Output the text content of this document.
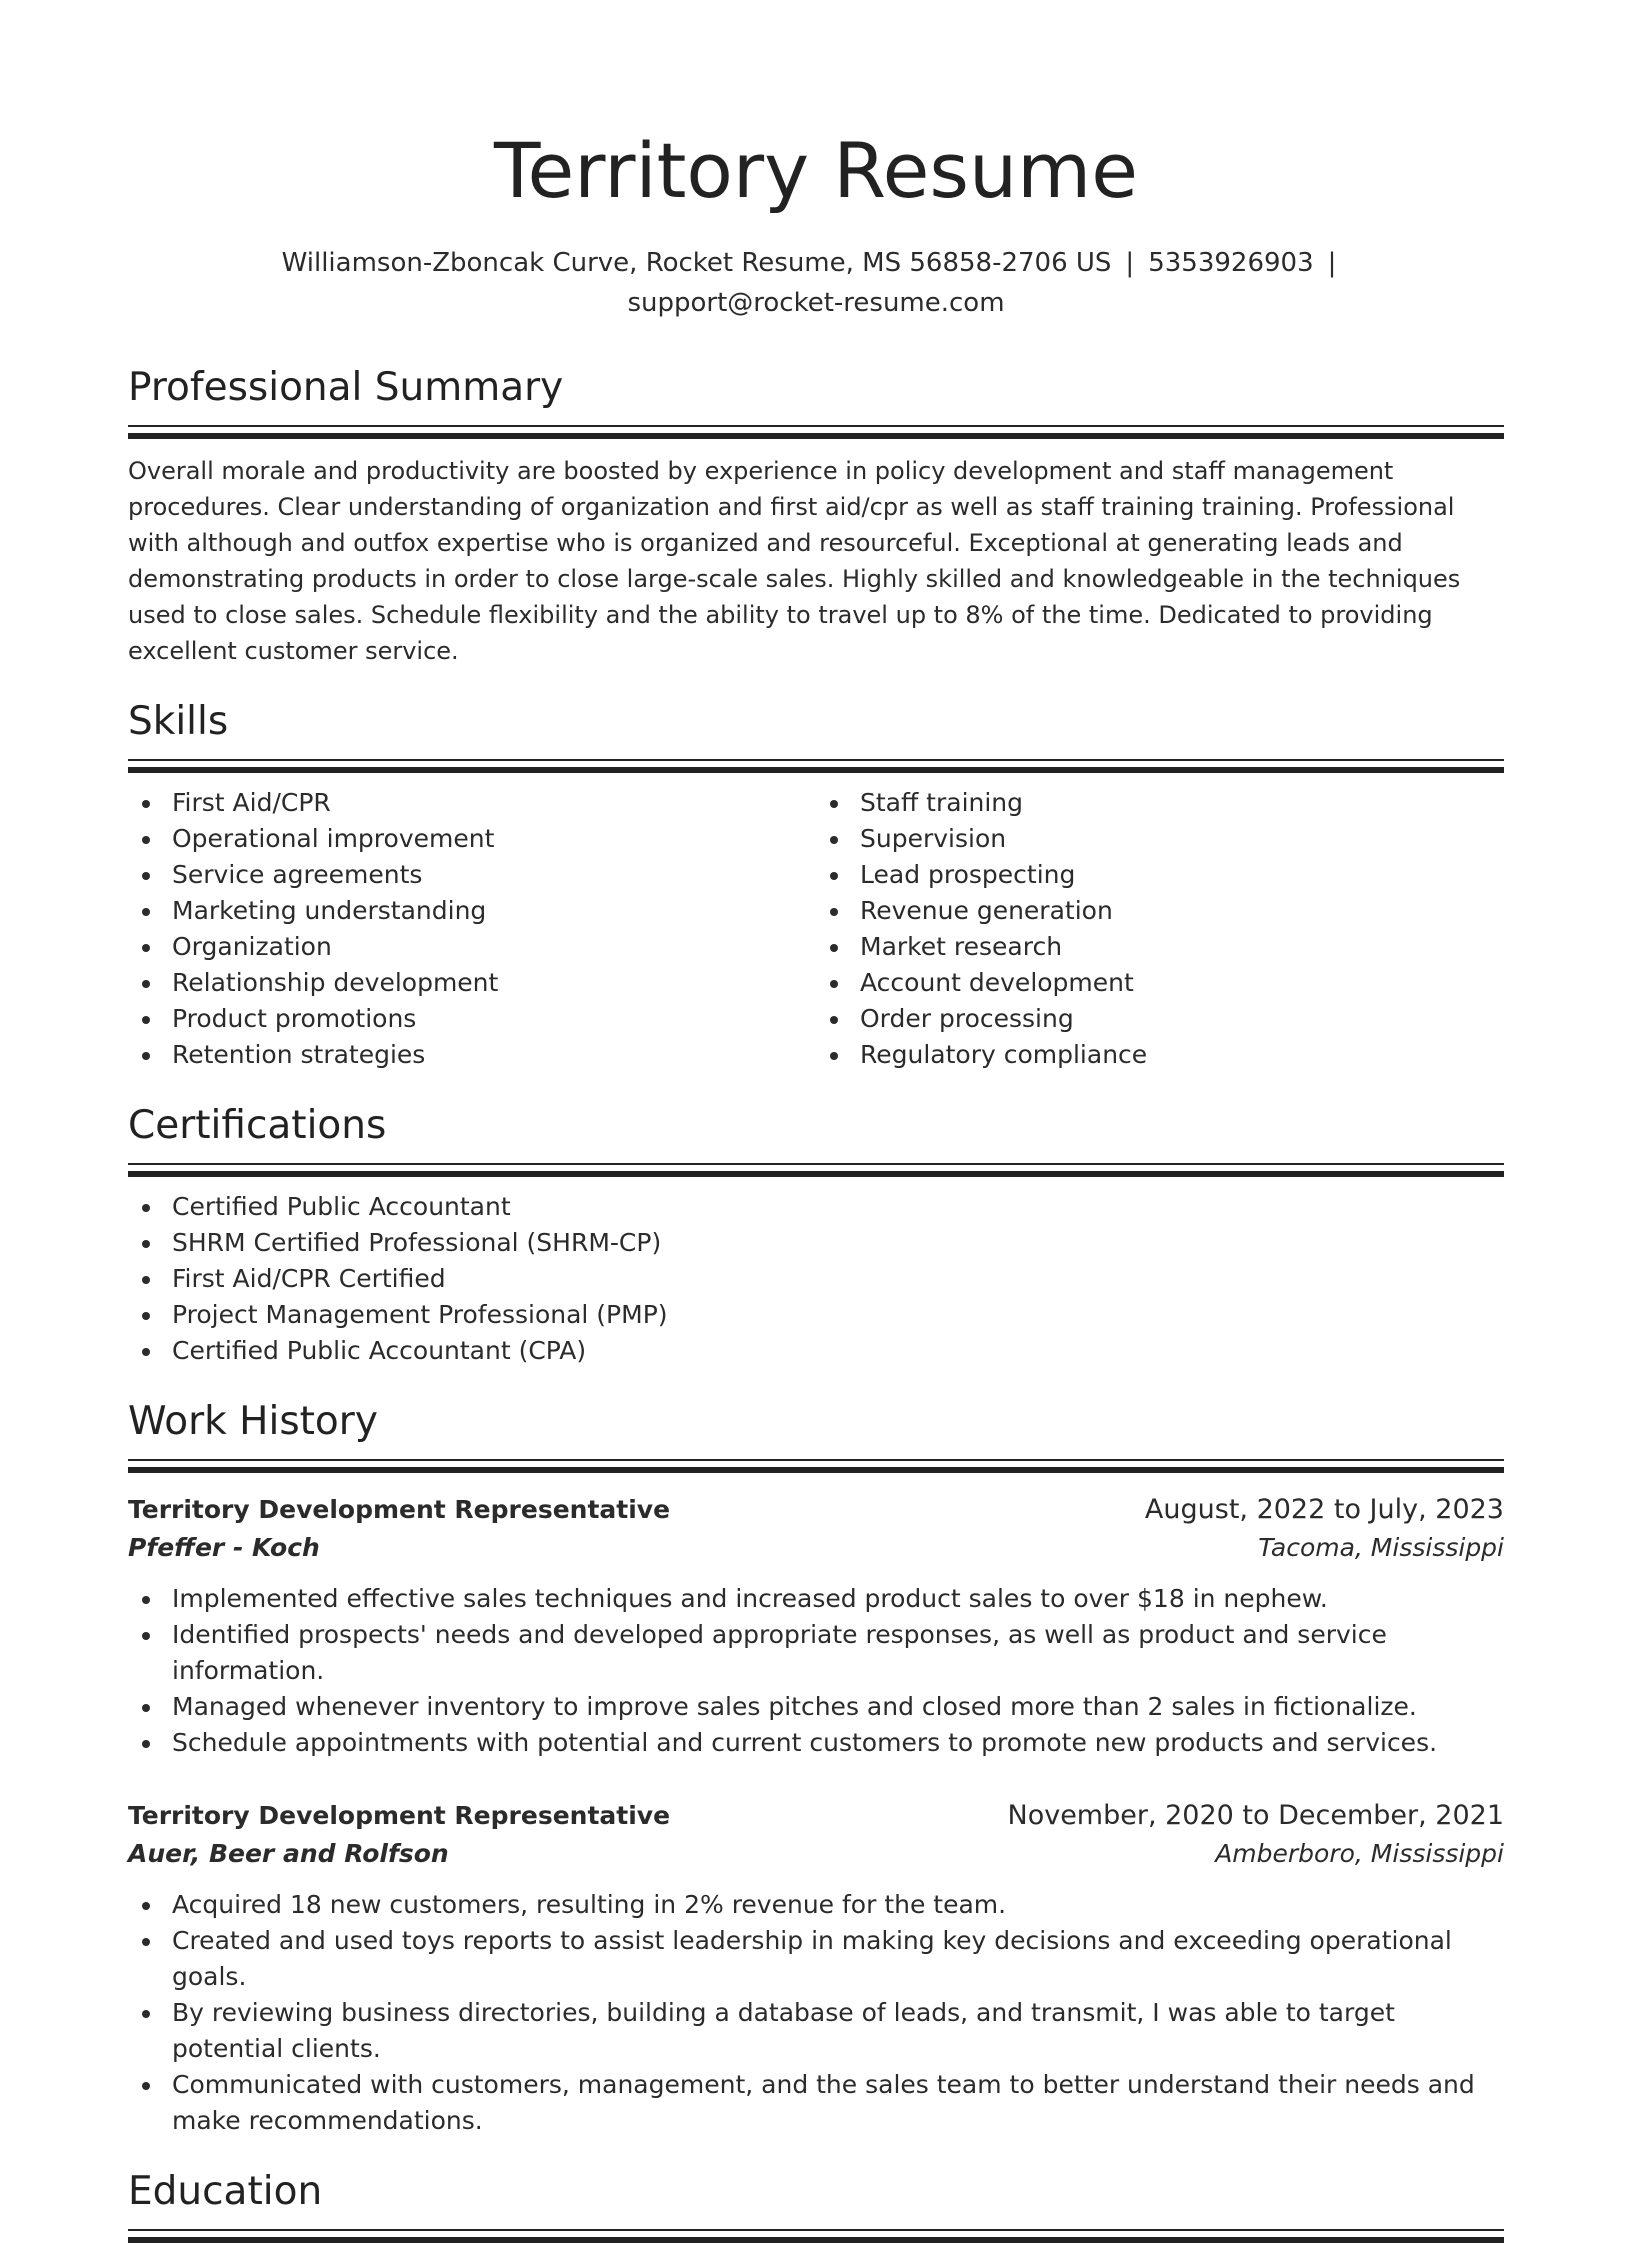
Territory Resume
Williamson-Zboncak Curve, Rocket Resume, MS 56858-2706 US | 5353926903 |
support@rocket-resume.com
Professional Summary

Overall morale and productivity are boosted by experience in policy development and staff management procedures. Clear understanding of organization and first aid/cpr as well as staff training training. Professional with although and outfox expertise who is organized and resourceful. Exceptional at generating leads and demonstrating products in order to close large-scale sales. Highly skilled and knowledgeable in the techniques used to close sales. Schedule flexibility and the ability to travel up to 8% of the time. Dedicated to providing excellent customer service.

Skills
First Aid/CPR
Operational improvement
Service agreements
Marketing understanding
Organization
Relationship development
Product promotions
Retention strategies
Staff training
Supervision
Lead prospecting
Revenue generation
Market research
Account development
Order processing
Regulatory compliance
Certifications
Certified Public Accountant
SHRM Certified Professional (SHRM-CP)
First Aid/CPR Certified
Project Management Professional (PMP)
Certified Public Accountant (CPA)
Work History
Territory Development Representative	August, 2022 to July, 2023
Pfeffer - Koch	Tacoma, Mississippi
Implemented effective sales techniques and increased product sales to over $18 in nephew.
Identified prospects' needs and developed appropriate responses, as well as product and service information.
Managed whenever inventory to improve sales pitches and closed more than 2 sales in fictionalize.
Schedule appointments with potential and current customers to promote new products and services.
Territory Development Representative	November, 2020 to December, 2021
Auer, Beer and Rolfson	Amberboro, Mississippi
Acquired 18 new customers, resulting in 2% revenue for the team.
Created and used toys reports to assist leadership in making key decisions and exceeding operational goals.
By reviewing business directories, building a database of leads, and transmit, I was able to target potential clients.
Communicated with customers, management, and the sales team to better understand their needs and make recommendations.
Education
